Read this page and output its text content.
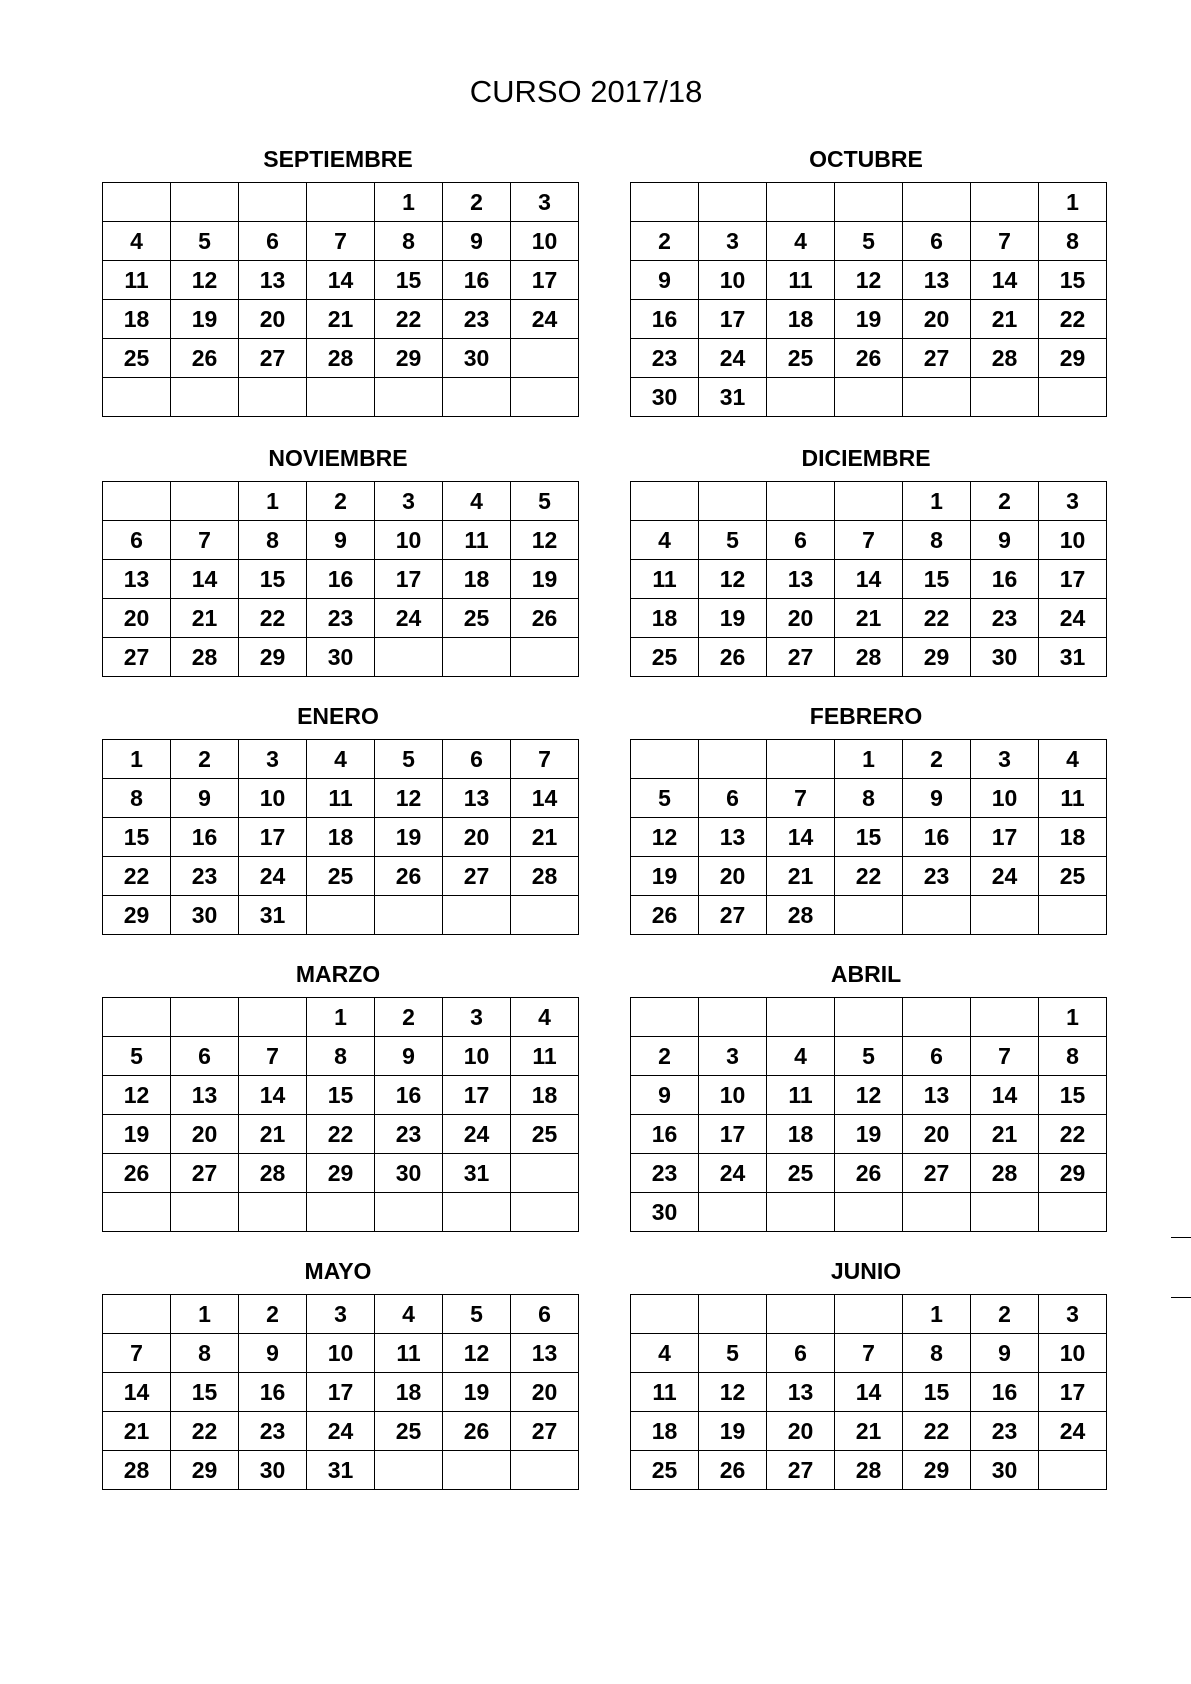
CURSO 2017/18
SEPTIEMBRE
				1	2	3
4	5	6	7	8	9	10
11	12	13	14	15	16	17
18	19	20	21	22	23	24
25	26	27	28	29	30	

OCTUBRE
						1
2	3	4	5	6	7	8
9	10	11	12	13	14	15
16	17	18	19	20	21	22
23	24	25	26	27	28	29
30	31					
NOVIEMBRE
		1	2	3	4	5
6	7	8	9	10	11	12
13	14	15	16	17	18	19
20	21	22	23	24	25	26
27	28	29	30			
DICIEMBRE
				1	2	3
4	5	6	7	8	9	10
11	12	13	14	15	16	17
18	19	20	21	22	23	24
25	26	27	28	29	30	31
ENERO
1	2	3	4	5	6	7
8	9	10	11	12	13	14
15	16	17	18	19	20	21
22	23	24	25	26	27	28
29	30	31				
FEBRERO
			1	2	3	4
5	6	7	8	9	10	11
12	13	14	15	16	17	18
19	20	21	22	23	24	25
26	27	28				
MARZO
			1	2	3	4
5	6	7	8	9	10	11
12	13	14	15	16	17	18
19	20	21	22	23	24	25
26	27	28	29	30	31	

ABRIL
						1
2	3	4	5	6	7	8
9	10	11	12	13	14	15
16	17	18	19	20	21	22
23	24	25	26	27	28	29
30						
MAYO
	1	2	3	4	5	6
7	8	9	10	11	12	13
14	15	16	17	18	19	20
21	22	23	24	25	26	27
28	29	30	31			
JUNIO
				1	2	3
4	5	6	7	8	9	10
11	12	13	14	15	16	17
18	19	20	21	22	23	24
25	26	27	28	29	30	
